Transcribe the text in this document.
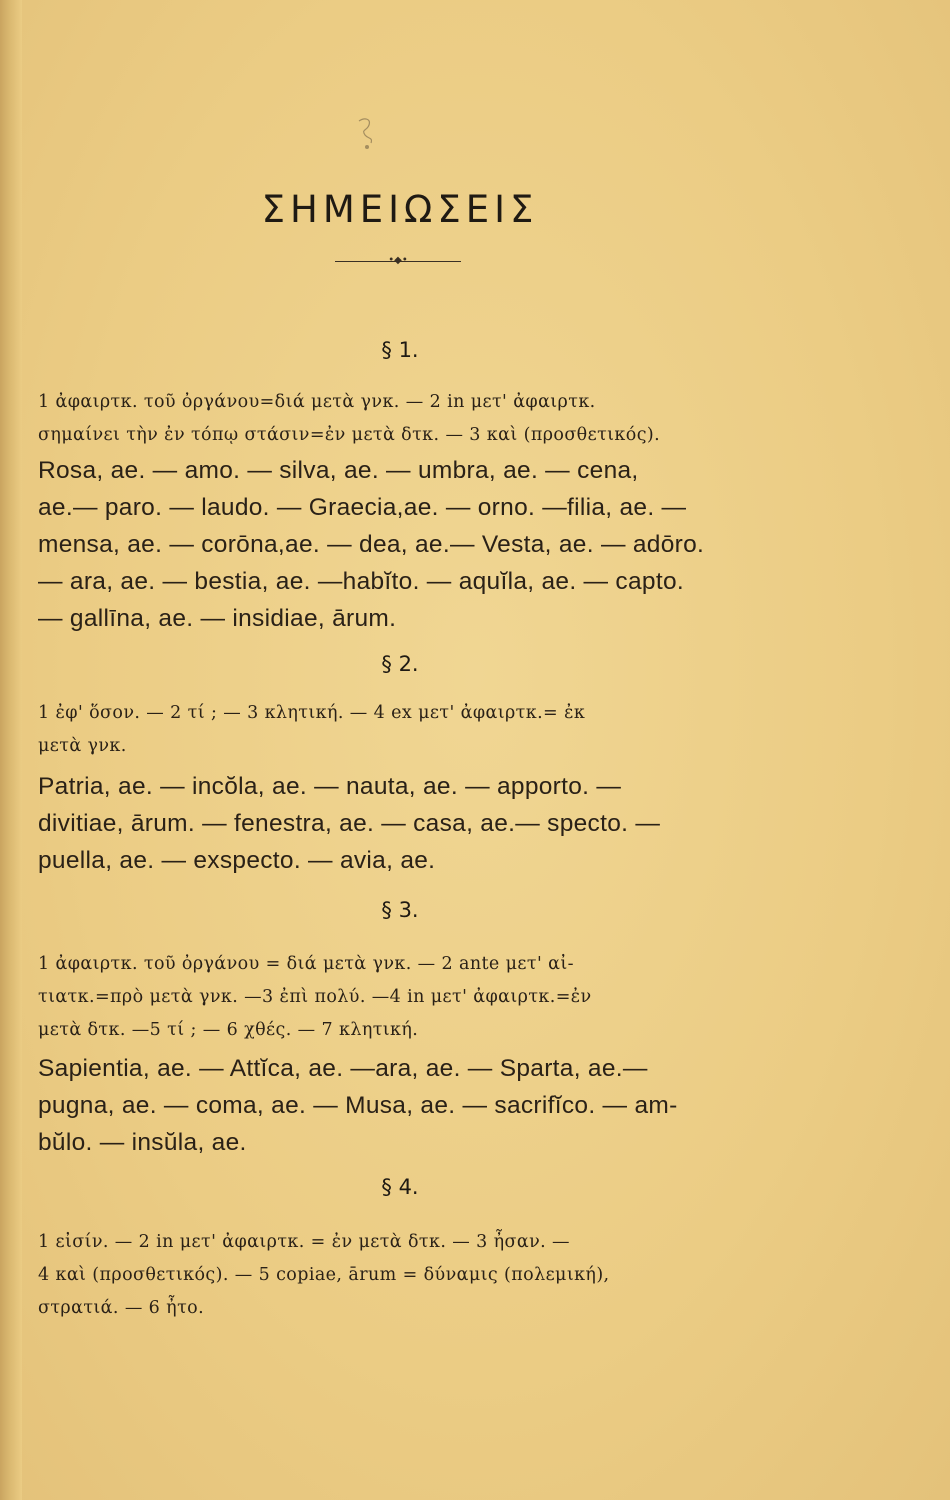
ΣΗΜΕΙΩΣΕΙΣ
•◆•
§ 1.
1 ἀφαιρτκ. τοῦ ὀργάνου=διά μετὰ γνκ. — 2 in μετ' ἀφαιρτκ.
σημαίνει τὴν ἐν τόπῳ στάσιν=ἐν μετὰ δτκ. — 3 καὶ (προσθετικός).
Rosa, ae. — amo. — silva, ae. — umbra, ae. — cena,
ae.— paro. — laudo. — Graecia,ae. — orno. —filia, ae. —
mensa, ae. — corōna,ae. — dea, ae.— Vesta, ae. — adōro.
— ara, ae. — bestia, ae. —habĭto. — aquĭla, ae. — capto.
— gallīna, ae. — insidiae, ārum.
§ 2.
1 ἐφ' ὅσον. — 2 τί ; — 3 κλητική. — 4 ex μετ' ἀφαιρτκ.= ἐκ
μετὰ γνκ.
Patria, ae. — incŏla, ae. — nauta, ae. — apporto. —
divitiae, ārum. — fenestra, ae. — casa, ae.— specto. —
puella, ae. — exspecto. — avia, ae.
§ 3.
1 ἀφαιρτκ. τοῦ ὀργάνου = διά μετὰ γνκ. — 2 ante μετ' αἰ-
τιατκ.=πρὸ μετὰ γνκ. —3 ἐπὶ πολύ. —4 in μετ' ἀφαιρτκ.=ἐν
μετὰ δτκ. —5 τί ; — 6 χθές. — 7 κλητική.
Sapientia, ae. — Attĭca, ae. —ara, ae. — Sparta, ae.—
pugna, ae. — coma, ae. — Musa, ae. — sacrifĭco. — am-
bŭlo. — insŭla, ae.
§ 4.
1 εἰσίν. — 2 in μετ' ἀφαιρτκ. = ἐν μετὰ δτκ. — 3 ἦσαν. —
4 καὶ (προσθετικός). — 5 copiae, ārum = δύναμις (πολεμική),
στρατιά. — 6 ἦτο.
